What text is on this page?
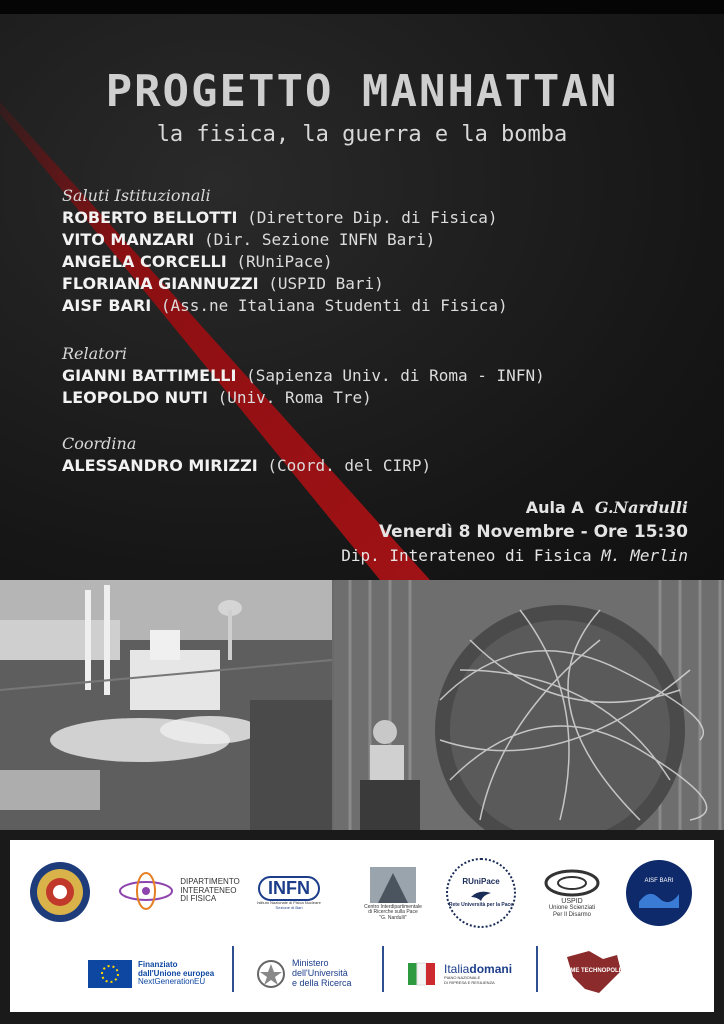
PROGETTO MANHATTAN
la fisica, la guerra e la bomba
Saluti Istituzionali
ROBERTO BELLOTTI (Direttore Dip. di Fisica)
VITO MANZARI (Dir. Sezione INFN Bari)
ANGELA CORCELLI (RUniPace)
FLORIANA GIANNUZZI (USPID Bari)
AISF BARI (Ass.ne Italiana Studenti di Fisica)
Relatori
GIANNI BATTIMELLI (Sapienza Univ. di Roma - INFN)
LEOPOLDO NUTI (Univ. Roma Tre)
Coordina
ALESSANDRO MIRIZZI (Coord. del CIRP)
Aula A G.Nardulli
Venerdì 8 Novembre - Ore 15:30
Dip. Interateneo di Fisica M. Merlin
DIPARTIMENTO
INTERATENEO
DI FISICA
INFN
Istituto Nazionale di Fisica Nucleare
Sezione di Bari	Centro Interdipartimentale
di Ricerche sulla Pace
"G. Nardulli"
RUniPace
Rete Università per la Pace
USPID
Unione Scienziati
Per Il Disarmo
AISF BARI
Finanziato
dall'Unione europea
NextGenerationEU
Ministero
dell'Università
e della Ricerca
Italiadomani
PIANO NAZIONALE
DI RIPRESA E RESILIENZA
ROME TECHNOPOLE
